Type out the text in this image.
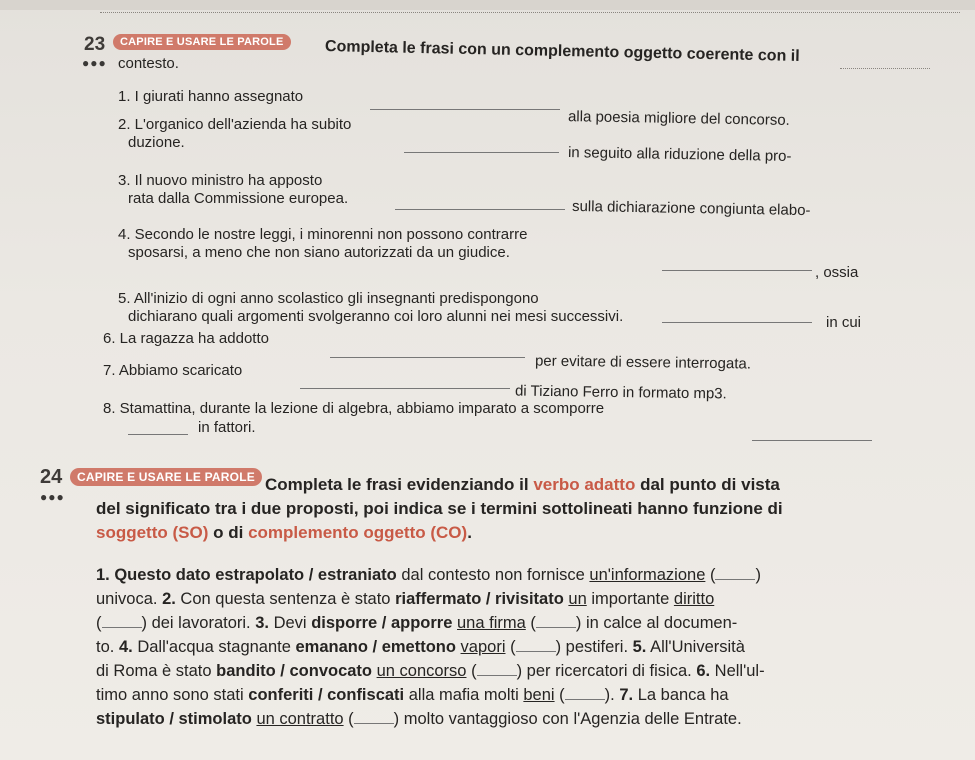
23
●●●
CAPIRE E USARE LE PAROLE	Completa le frasi con un complemento oggetto coerente con il
contesto.
1. I giurati hanno assegnato
alla poesia migliore del concorso.
2. L'organico dell'azienda ha subito
duzione.
in seguito alla riduzione della pro-
3. Il nuovo ministro ha apposto
rata dalla Commissione europea.	sulla dichiarazione congiunta elabo-
4. Secondo le nostre leggi, i minorenni non possono contrarre
sposarsi, a meno che non siano autorizzati da un giudice.
, ossia
5. All'inizio di ogni anno scolastico gli insegnanti predispongono
dichiarano quali argomenti svolgeranno coi loro alunni nei mesi successivi.	in cui
6. La ragazza ha addotto
per evitare di essere interrogata.
7. Abbiamo scaricato
di Tiziano Ferro in formato mp3.
8. Stamattina, durante la lezione di algebra, abbiamo imparato a scomporre
in fattori.
24
●●●
CAPIRE E USARE LE PAROLE Completa le frasi evidenziando il verbo adatto dal punto di vista
del significato tra i due proposti, poi indica se i termini sottolineati hanno funzione di
soggetto (SO) o di complemento oggetto (CO).
1. Questo dato estrapolato / estraniato dal contesto non fornisce un'informazione ( )
univoca. 2. Con questa sentenza è stato riaffermato / rivisitato un importante diritto
( ) dei lavoratori. 3. Devi disporre / apporre una firma ( ) in calce al documen-
to. 4. Dall'acqua stagnante emanano / emettono vapori ( ) pestiferi. 5. All'Università
di Roma è stato bandito / convocato un concorso ( ) per ricercatori di fisica. 6. Nell'ul-
timo anno sono stati conferiti / confiscati alla mafia molti beni ( ). 7. La banca ha
stipulato / stimolato un contratto ( ) molto vantaggioso con l'Agenzia delle Entrate.
